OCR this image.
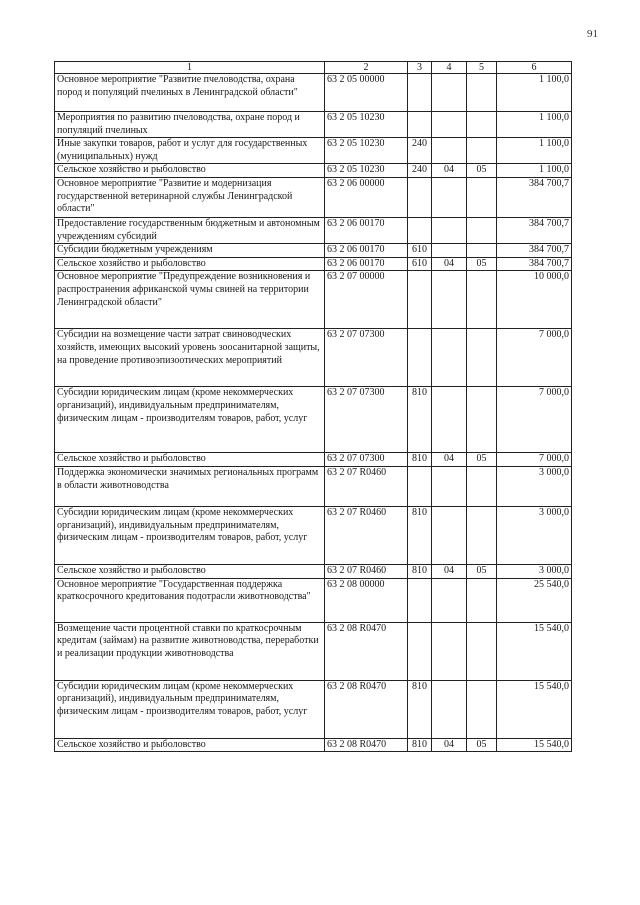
91
1	2	3	4	5	6
Основное мероприятие "Развитие пчеловодства, охрана пород и популяций пчелиных в Ленинградской области"	63 2 05 00000				1 100,0
Мероприятия по развитию пчеловодства, охране пород и популяций пчелиных	63 2 05 10230				1 100,0
Иные закупки товаров, работ и услуг для государственных (муниципальных) нужд	63 2 05 10230	240			1 100,0
Сельское хозяйство и рыболовство	63 2 05 10230	240	04	05	1 100,0
Основное мероприятие "Развитие и модернизация государственной ветеринарной службы Ленинградской области"	63 2 06 00000				384 700,7
Предоставление государственным бюджетным и автономным учреждениям субсидий	63 2 06 00170				384 700,7
Субсидии бюджетным учреждениям	63 2 06 00170	610			384 700,7
Сельское хозяйство и рыболовство	63 2 06 00170	610	04	05	384 700,7
Основное мероприятие "Предупреждение возникновения и распространения африканской чумы свиней на территории Ленинградской области"	63 2 07 00000				10 000,0
Субсидии на возмещение части затрат свиноводческих хозяйств, имеющих высокий уровень зоосанитарной защиты, на проведение противоэпизоотических мероприятий	63 2 07 07300				7 000,0
Субсидии юридическим лицам (кроме некоммерческих организаций), индивидуальным предпринимателям, физическим лицам - производителям товаров, работ, услуг	63 2 07 07300	810			7 000,0
Сельское хозяйство и рыболовство	63 2 07 07300	810	04	05	7 000,0
Поддержка экономически значимых региональных программ в области животноводства	63 2 07 R0460				3 000,0
Субсидии юридическим лицам (кроме некоммерческих организаций), индивидуальным предпринимателям, физическим лицам - производителям товаров, работ, услуг	63 2 07 R0460	810			3 000,0
Сельское хозяйство и рыболовство	63 2 07 R0460	810	04	05	3 000,0
Основное мероприятие "Государственная поддержка краткосрочного кредитования подотрасли животноводства"	63 2 08 00000				25 540,0
Возмещение части процентной ставки по краткосрочным кредитам (займам) на развитие животноводства, переработки и реализации продукции животноводства	63 2 08 R0470				15 540,0
Субсидии юридическим лицам (кроме некоммерческих организаций), индивидуальным предпринимателям, физическим лицам - производителям товаров, работ, услуг	63 2 08 R0470	810			15 540,0
Сельское хозяйство и рыболовство	63 2 08 R0470	810	04	05	15 540,0
